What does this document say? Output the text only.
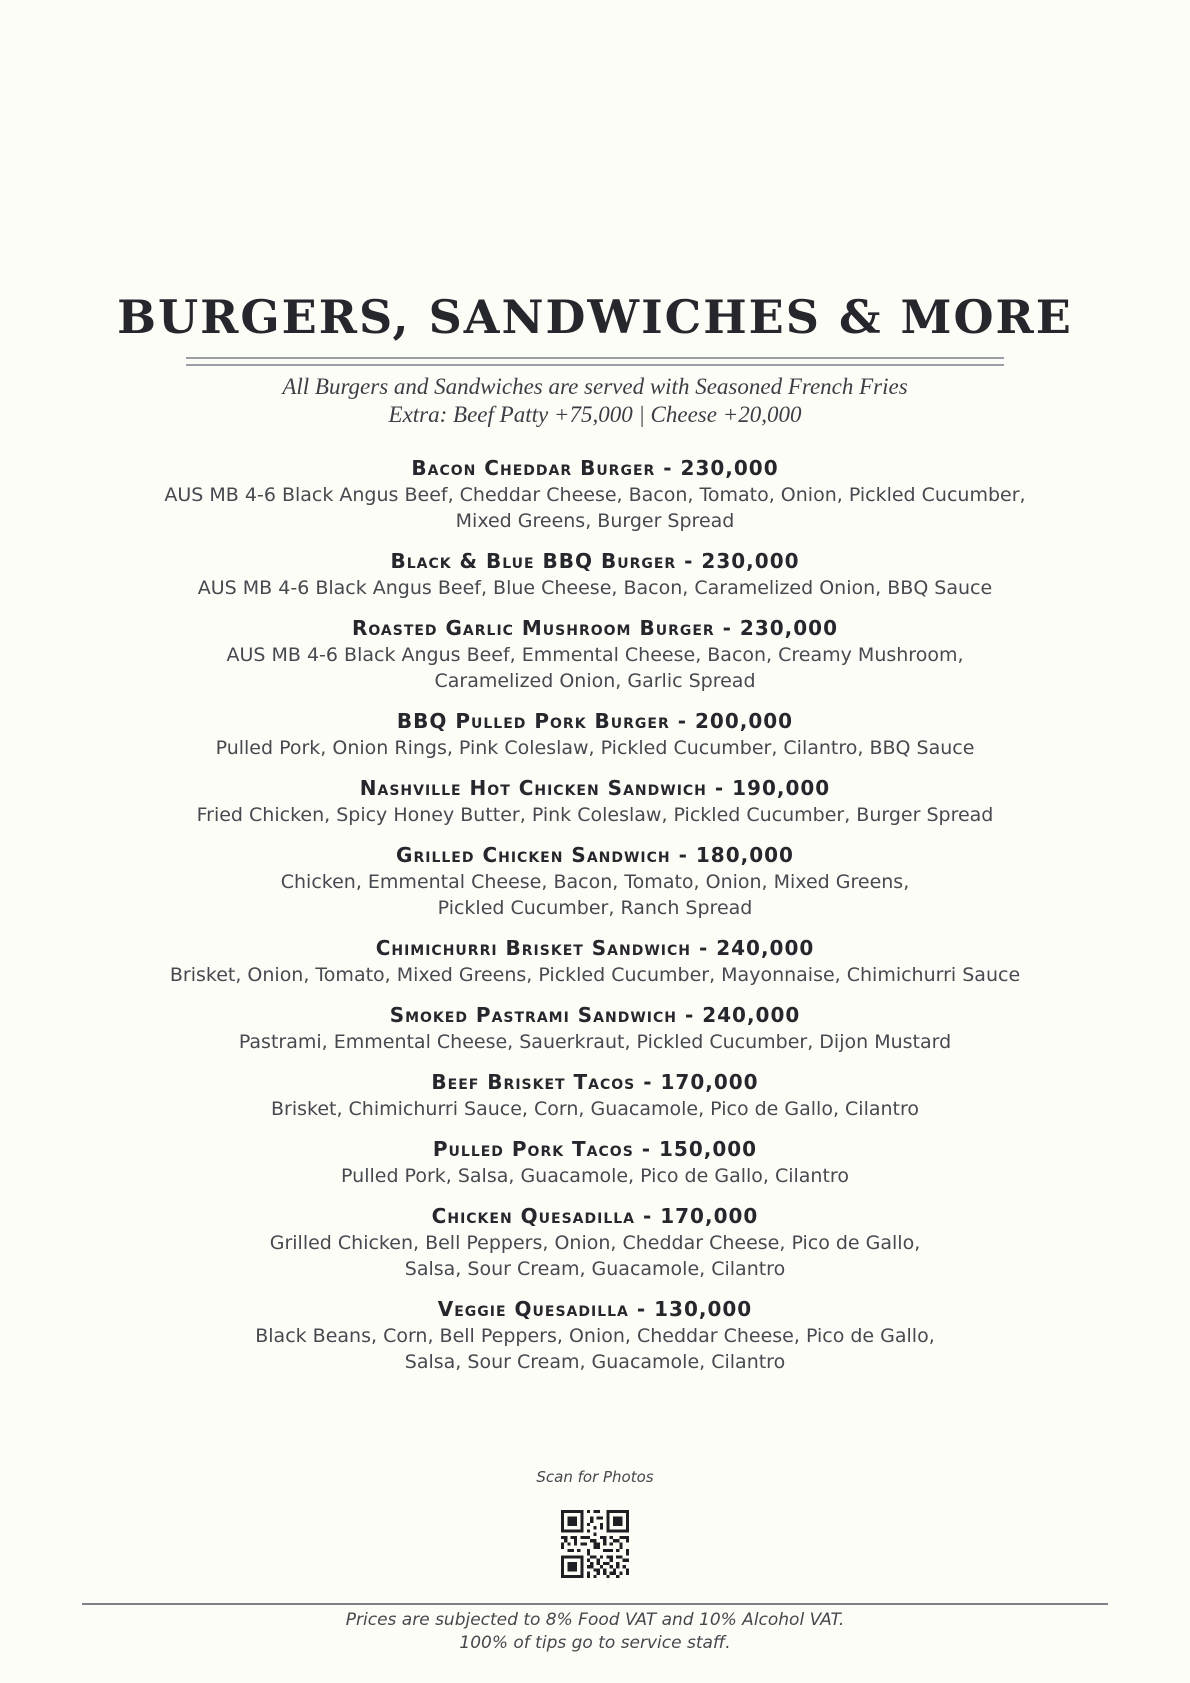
BURGERS, SANDWICHES & MORE
All Burgers and Sandwiches are served with Seasoned French Fries
Extra: Beef Patty +75,000 | Cheese +20,000
Bacon Cheddar Burger - 230,000
AUS MB 4-6 Black Angus Beef, Cheddar Cheese, Bacon, Tomato, Onion, Pickled Cucumber, Mixed Greens, Burger Spread
Black & Blue BBQ Burger - 230,000
AUS MB 4-6 Black Angus Beef, Blue Cheese, Bacon, Caramelized Onion, BBQ Sauce
Roasted Garlic Mushroom Burger - 230,000
AUS MB 4-6 Black Angus Beef, Emmental Cheese, Bacon, Creamy Mushroom, Caramelized Onion, Garlic Spread
BBQ Pulled Pork Burger - 200,000
Pulled Pork, Onion Rings, Pink Coleslaw, Pickled Cucumber, Cilantro, BBQ Sauce
Nashville Hot Chicken Sandwich - 190,000
Fried Chicken, Spicy Honey Butter, Pink Coleslaw, Pickled Cucumber, Burger Spread
Grilled Chicken Sandwich - 180,000
Chicken, Emmental Cheese, Bacon, Tomato, Onion, Mixed Greens, Pickled Cucumber, Ranch Spread
Chimichurri Brisket Sandwich - 240,000
Brisket, Onion, Tomato, Mixed Greens, Pickled Cucumber, Mayonnaise, Chimichurri Sauce
Smoked Pastrami Sandwich - 240,000
Pastrami, Emmental Cheese, Sauerkraut, Pickled Cucumber, Dijon Mustard
Beef Brisket Tacos - 170,000
Brisket, Chimichurri Sauce, Corn, Guacamole, Pico de Gallo, Cilantro
Pulled Pork Tacos - 150,000
Pulled Pork, Salsa, Guacamole, Pico de Gallo, Cilantro
Chicken Quesadilla - 170,000
Grilled Chicken, Bell Peppers, Onion, Cheddar Cheese, Pico de Gallo, Salsa, Sour Cream, Guacamole, Cilantro
Veggie Quesadilla - 130,000
Black Beans, Corn, Bell Peppers, Onion, Cheddar Cheese, Pico de Gallo, Salsa, Sour Cream, Guacamole, Cilantro
Scan for Photos
Prices are subjected to 8% Food VAT and 10% Alcohol VAT.
100% of tips go to service staff.
